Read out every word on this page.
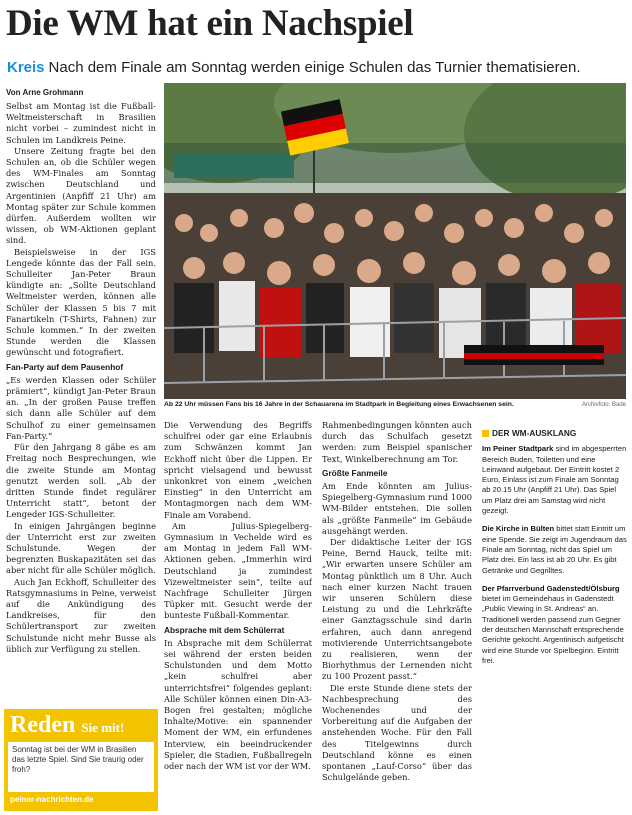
Die WM hat ein Nachspiel
Kreis Nach dem Finale am Sonntag werden einige Schulen das Turnier thematisieren.
Von Arne Grohmann

Selbst am Montag ist die Fußball-Weltmeisterschaft in Brasilien nicht vorbei – zumindest nicht in Schulen im Landkreis Peine.

Unsere Zeitung fragte bei den Schulen an, ob die Schüler wegen des WM-Finales am Sonntag zwischen Deutschland und Argentinien (Anpfiff 21 Uhr) am Montag später zur Schule kommen dürfen. Außerdem wollten wir wissen, ob WM-Aktionen geplant sind.

Beispielsweise in der IGS Lengede könnte das der Fall sein. Schulleiter Jan-Peter Braun kündigte an: „Sollte Deutschland Weltmeister werden, können alle Schüler der Klassen 5 bis 7 mit Fanartikeln (T-Shirts, Fahnen) zur Schule kommen.“ In der zweiten Stunde werden die Klassen gewünscht und fotografiert.

Fan-Party auf dem Pausenhof

„Es werden Klassen oder Schüler prämiert“, kündigt Jan-Peter Braun an. „In der großen Pause treffen sich dann alle Schüler auf dem Schulhof zu einer gemeinsamen Fan-Party.“

Für den Jahrgang 8 gäbe es am Freitag noch Besprechungen, wie die zweite Stunde am Montag genutzt werden soll. „Ab der dritten Stunde findet regulärer Unterricht statt“, betont der Lengeder IGS-Schulleiter.

In einigen Jahrgängen beginne der Unterricht erst zur zweiten Schulstunde. Wegen der begrenzten Buskapazitäten sei das aber nicht für alle Schüler möglich.

Auch Jan Eckhoff, Schulleiter des Ratsgymnasiums in Peine, verweist auf die Ankündigung des Landkreises, für den Schülertransport zur zweiten Schulstunde nicht mehr Busse als üblich zur Verfügung zu stellen.

Ab 22 Uhr müssen Fans bis 16 Jahre in der Schauarena im Stadtpark in Begleitung eines Erwachsenen sein.	Archivfoto: Bade

Die Verwendung des Begriffs schulfrei oder gar eine Erlaubnis zum Schwänzen kommt Jan Eckhoff nicht über die Lippen. Er spricht vielsagend und bewusst unkonkret von einem „weichen Einstieg“ in den Unterricht am Montagmorgen nach dem WM-Finale am Vorabend.

Am Julius-Spiegelberg-Gymnasium in Vechelde wird es am Montag in jedem Fall WM-Aktionen geben. „Immerhin wird Deutschland ja zumindest Vizeweltmeister sein“, teilte auf Nachfrage Schulleiter Jürgen Tüpker mit. Gesucht werde der bunteste Fußball-Kommentar.

Absprache mit dem Schülerrat

In Absprache mit dem Schülerrat sei während der ersten beiden Schulstunden und dem Motto „kein schulfrei aber unterrichtsfrei“ folgendes geplant: Alle Schüler können einen Din-A3-Bogen frei gestalten; mögliche Inhalte/Motive: ein spannender Moment der WM, ein erfundenes Interview, ein beeindruckender Spieler, die Stadien, Fußballregeln oder nach der WM ist vor der WM.

Rahmenbedingungen könnten auch durch das Schulfach gesetzt werden: zum Beispiel spanischer Text, Winkelberechnung am Tor.

Größte Fanmeile

Am Ende könnten am Julius-Spiegelberg-Gymnasium rund 1000 WM-Bilder entstehen. Die sollen als „größte Fanmeile“ im Gebäude ausgehängt werden.

Der didaktische Leiter der IGS Peine, Bernd Hauck, teilte mit: „Wir erwarten unsere Schüler am Montag pünktlich um 8 Uhr. Auch nach einer kurzen Nacht trauen wir unseren Schülern diese Leistung zu und die Lehrkräfte einer Ganztagsschule sind darin erfahren, auch dann anregend motivierende Unterrichtsangebote zu realisieren, wenn der Biorhythmus der Lernenden nicht zu 100 Prozent passt.“

Die erste Stunde diene stets der Nachbesprechung des Wochenendes und der Vorbereitung auf die Aufgaben der anstehenden Woche. Für den Fall des Titelgewinns durch Deutschland könne es einen spontanen „Lauf-Corso“ über das Schulgelände geben.

DER WM-AUSKLANG

Im Peiner Stadtpark sind im abgesperrten Bereich Buden, Toiletten und eine Leinwand aufgebaut. Der Eintritt kostet 2 Euro, Einlass ist zum Finale am Sonntag ab 20.15 Uhr (Anpfiff 21 Uhr). Das Spiel um Platz drei am Samstag wird nicht gezeigt.

Die Kirche in Bülten bittet statt Eintritt um eine Spende. Sie zeigt im Jugendraum das Finale am Sonntag, nicht das Spiel um Platz drei. Ein lass ist ab 20 Uhr. Es gibt Getränke und Gegrilltes.

Der Pfarrverbund Gadenstedt/Ölsburg bietet im Gemeindehaus in Gadenstedt „Public Viewing in St. Andreas“ an. Traditionell werden passend zum Gegner der deutschen Mannschaft entsprechende Gerichte gekocht. Argentinisch aufgetischt wird eine Stunde vor Spielbeginn. Eintritt frei.

Reden Sie mit!
Sonntag ist bei der WM in Brasilien das letzte Spiel. Sind Sie traurig oder froh?
peiner-nachrichten.de
